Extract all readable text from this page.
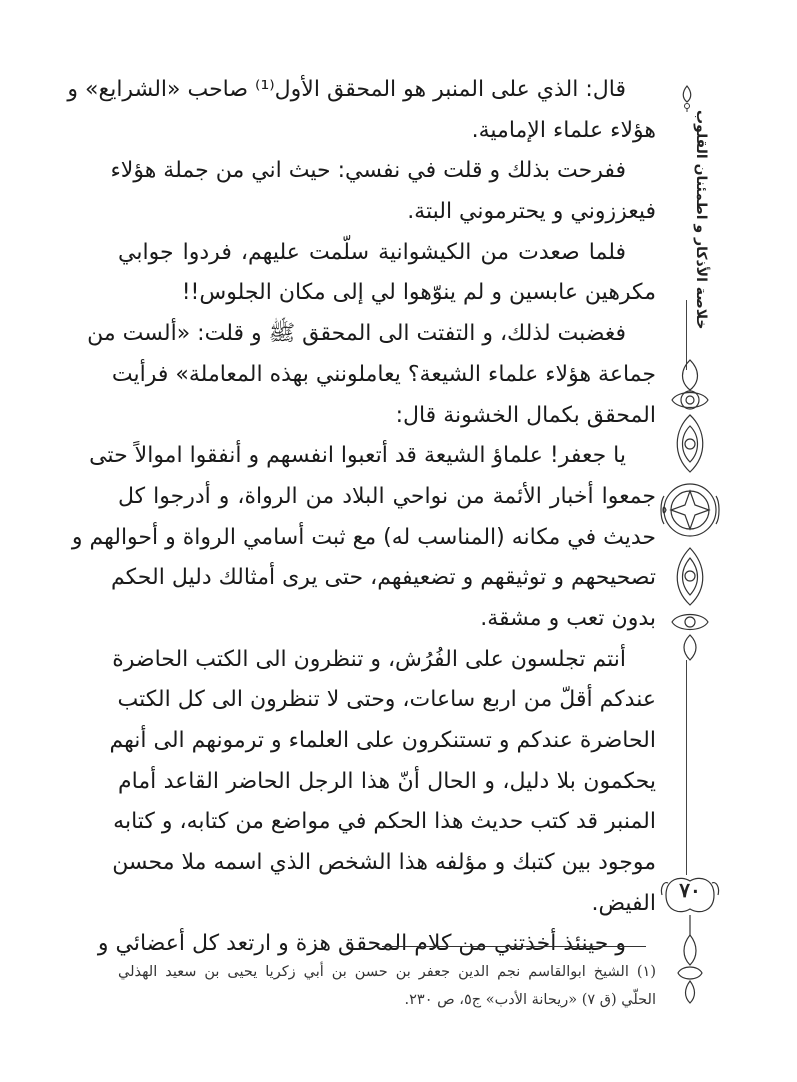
قال: الذي على المنبر هو المحقق الأول⁽¹⁾ صاحب «الشرايع» و
هؤلاء علماء الإمامية.
ففرحت بذلك و قلت في نفسي: حيث اني من جملة هؤلاء
فيعززوني و يحترموني البتة.
فلما صعدت من الكيشوانية سلّمت عليهم، فردوا جوابي
مكرهين عابسين و لم ينوّهوا لي إلى مكان الجلوس!!
فغضبت لذلك، و التفتت الى المحقق ﷺ و قلت: «ألست من
جماعة هؤلاء علماء الشيعة؟ يعاملونني بهذه المعاملة» فرأيت
المحقق بكمال الخشونة قال:
يا جعفر! علماؤ الشيعة قد أتعبوا انفسهم و أنفقوا اموالاً حتى
جمعوا أخبار الأئمة من نواحي البلاد من الرواة، و أدرجوا كل
حديث في مكانه (المناسب له) مع ثبت أسامي الرواة و أحوالهم و
تصحيحهم و توثيقهم و تضعيفهم، حتى يرى أمثالك دليل الحكم
بدون تعب و مشقة.
أنتم تجلسون على الفُرُش، و تنظرون الى الكتب الحاضرة
عندكم أقلّ من اربع ساعات، وحتى لا تنظرون الى كل الكتب
الحاضرة عندكم و تستنكرون على العلماء و ترمونهم الى أنهم
يحكمون بلا دليل، و الحال أنّ هذا الرجل الحاضر القاعد أمام
المنبر قد كتب حديث هذا الحكم في مواضع من كتابه، و كتابه
موجود بين كتبك و مؤلفه هذا الشخص الذي اسمه ملا محسن
الفيض.
و حينئذ أخذتني من كلام المحقق هزة و ارتعد كل أعضائي و
(١) الشيخ ابوالقاسم نجم الدين جعفر بن حسن بن أبي زكريا يحيى بن سعيد الهذلي
الحلّي (ق ٧) «ريحانة الأدب» ج٥، ص ٢٣٠.
خلاصة الأذكار و اطمئنان القلوب
٧٠
